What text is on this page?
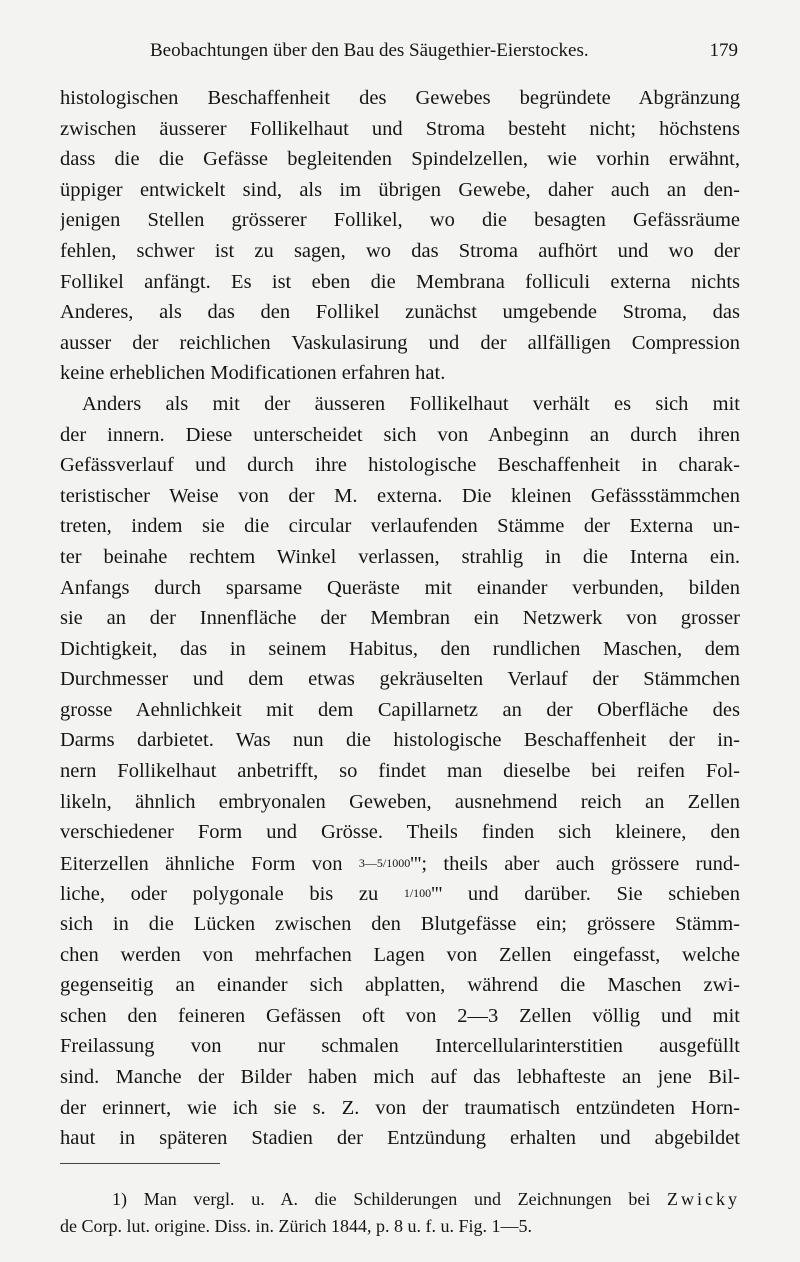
Beobachtungen über den Bau des Säugethier-Eierstockes.	179
histologischen Beschaffenheit des Gewebes begründete Abgränzung
zwischen äusserer Follikelhaut und Stroma besteht nicht; höchstens
dass die die Gefässe begleitenden Spindelzellen, wie vorhin erwähnt,
üppiger entwickelt sind, als im übrigen Gewebe, daher auch an den-
jenigen Stellen grösserer Follikel, wo die besagten Gefässräume
fehlen, schwer ist zu sagen, wo das Stroma aufhört und wo der
Follikel anfängt. Es ist eben die Membrana folliculi externa nichts
Anderes, als das den Follikel zunächst umgebende Stroma, das
ausser der reichlichen Vaskulasirung und der allfälligen Compression
keine erheblichen Modificationen erfahren hat.
Anders als mit der äusseren Follikelhaut verhält es sich mit
der innern. Diese unterscheidet sich von Anbeginn an durch ihren
Gefässverlauf und durch ihre histologische Beschaffenheit in charak-
teristischer Weise von der M. externa. Die kleinen Gefässstämmchen
treten, indem sie die circular verlaufenden Stämme der Externa un-
ter beinahe rechtem Winkel verlassen, strahlig in die Interna ein.
Anfangs durch sparsame Queräste mit einander verbunden, bilden
sie an der Innenfläche der Membran ein Netzwerk von grosser
Dichtigkeit, das in seinem Habitus, den rundlichen Maschen, dem
Durchmesser und dem etwas gekräuselten Verlauf der Stämmchen
grosse Aehnlichkeit mit dem Capillarnetz an der Oberfläche des
Darms darbietet. Was nun die histologische Beschaffenheit der in-
nern Follikelhaut anbetrifft, so findet man dieselbe bei reifen Fol-
likeln, ähnlich embryonalen Geweben, ausnehmend reich an Zellen
verschiedener Form und Grösse. Theils finden sich kleinere, den
Eiterzellen ähnliche Form von 3—5/1000'''; theils aber auch grössere rund-
liche, oder polygonale bis zu 1/100''' und darüber. Sie schieben
sich in die Lücken zwischen den Blutgefässe ein; grössere Stämm-
chen werden von mehrfachen Lagen von Zellen eingefasst, welche
gegenseitig an einander sich abplatten, während die Maschen zwi-
schen den feineren Gefässen oft von 2—3 Zellen völlig und mit
Freilassung von nur schmalen Intercellularinterstitien ausgefüllt
sind. Manche der Bilder haben mich auf das lebhafteste an jene Bil-
der erinnert, wie ich sie s. Z. von der traumatisch entzündeten Horn-
haut in späteren Stadien der Entzündung erhalten und abgebildet
1) Man vergl. u. A. die Schilderungen und Zeichnungen bei Zwicky
de Corp. lut. origine. Diss. in. Zürich 1844, p. 8 u. f. u. Fig. 1—5.
